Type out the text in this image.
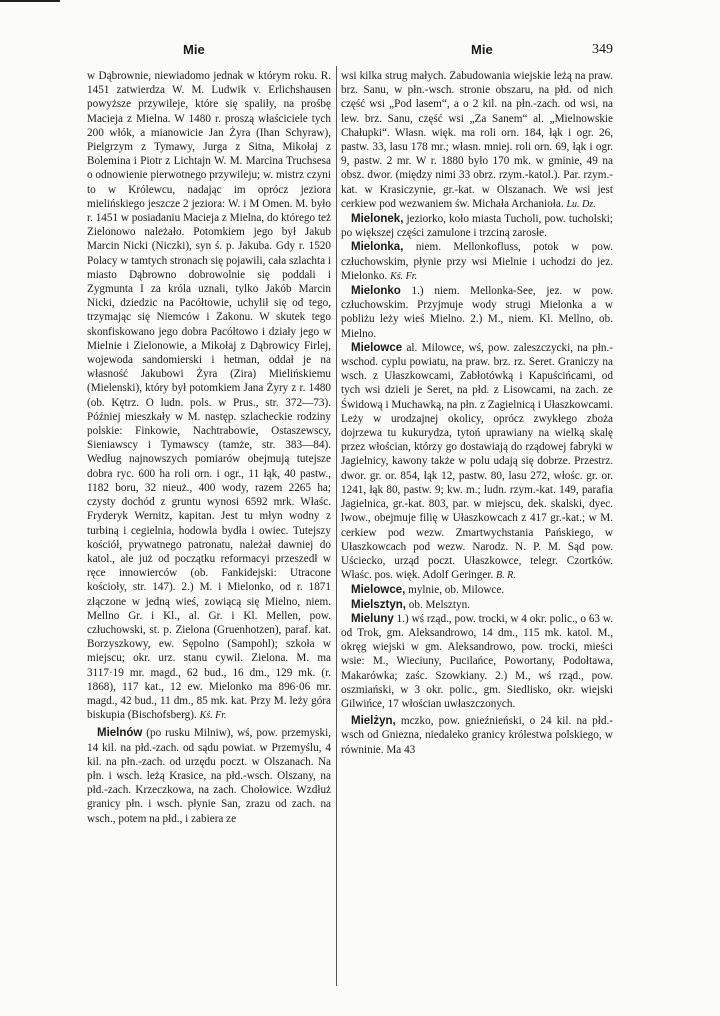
Mie	Mie	349

w Dąbrownie, niewiadomo jednak w którym roku. R. 1451 zatwierdza W. M. Ludwik v. Erlichshausen powyższe przywileje, które się spaliły, na prośbę Macieja z Mielna. W 1480 r. proszą właściciele tych 200 włók, a mianowicie Jan Żyra (Ihan Schyraw), Pielgrzym z Tymawy, Jurga z Sitna, Mikołaj z Bolemina i Piotr z Lichtajn W. M. Marcina Truchsesa o odnowienie pierwotnego przywileju; w. mistrz czyni to w Królewcu, nadając im oprócz jeziora mielińskiego jeszcze 2 jeziora: W. i M Omen. M. było r. 1451 w posiadaniu Macieja z Mielna, do którego też Zielonowo należało. Potomkiem jego był Jakub Marcin Nicki (Niczki), syn ś. p. Jakuba. Gdy r. 1520 Polacy w tamtych stronach się pojawili, cała szlachta i miasto Dąbrowno dobrowolnie się poddali i Zygmunta I za króla uznali, tylko Jakób Marcin Nicki, dziedzic na Pacółtowie, uchylił się od tego, trzymając się Niemców i Zakonu. W skutek tego skonfiskowano jego dobra Pacółtowo i działy jego w Mielnie i Zielonowie, a Mikołaj z Dąbrowicy Firlej, wojewoda sandomierski i hetman, oddał je na własność Jakubowi Żyra (Zira) Mielińskiemu (Mielenski), który był potomkiem Jana Żyry z r. 1480 (ob. Kętrz. O ludn. pols. w Prus., str. 372—73). Później mieszkały w M. następ. szlacheckie rodziny polskie: Finkowie, Nachtrabowie, Ostaszewscy, Sieniawscy i Tymawscy (tamże, str. 383—84). Według najnowszych pomiarów obejmują tutejsze dobra ryc. 600 ha roli orn. i ogr., 11 łąk, 40 pastw., 1182 boru, 32 nieuż., 400 wody, razem 2265 ha; czysty dochód z gruntu wynosi 6592 mrk. Właśc. Fryderyk Wernitz, kapitan. Jest tu młyn wodny z turbiną i cegielnia, hodowla bydła i owiec. Tutejszy kościół, prywatnego patronatu, należał dawniej do katol., ale już od początku reformacyi przeszedł w ręce innowierców (ob. Fankidejski: Utracone kościoły, str. 147). 2.) M. i Mielonko, od r. 1871 złączone w jedną wieś, zowiącą się Mielno, niem. Mellno Gr. i Kl., al. Gr. i Kl. Mellen, pow. człuchowski, st. p. Zielona (Gruenhotzen), paraf. kat. Borzyszkowy, ew. Sępolno (Sampohl); szkoła w miejscu; okr. urz. stanu cywil. Zielona. M. ma 3117·19 mr. magd., 62 bud., 16 dm., 129 mk. (r. 1868), 117 kat., 12 ew. Mielonko ma 896·06 mr. magd., 42 bud., 11 dm., 85 mk. kat. Przy M. leży góra biskupia (Bischofsberg). Kś. Fr.

Mielnów (po rusku Milniw), wś, pow. przemyski, 14 kil. na płd.-zach. od sądu powiat. w Przemyślu, 4 kil. na płn.-zach. od urzędu poczt. w Olszanach. Na płn. i wsch. leżą Krasice, na płd.-wsch. Olszany, na płd.-zach. Krzeczkowa, na zach. Chołowice. Wzdłuż granicy płn. i wsch. płynie San, zrazu od zach. na wsch., potem na płd., i zabiera ze

wsi kilka strug małych. Zabudowania wiejskie leżą na praw. brz. Sanu, w płn.-wsch. stronie obszaru, na płd. od nich część wsi „Pod lasem“, a o 2 kil. na płn.-zach. od wsi, na lew. brz. Sanu, część wsi „Za Sanem“ al. „Mielnowskie Chałupki“. Własn. więk. ma roli orn. 184, łąk i ogr. 26, pastw. 33, lasu 178 mr.; własn. mniej. roli orn. 69, łąk i ogr. 9, pastw. 2 mr. W r. 1880 było 170 mk. w gminie, 49 na obsz. dwor. (między nimi 33 obrz. rzym.-katol.). Par. rzym.-kat. w Krasiczynie, gr.-kat. w Olszanach. We wsi jest cerkiew pod wezwaniem św. Michała Archanioła. Lu. Dz.

Mielonek, jeziorko, koło miasta Tucholi, pow. tucholski; po większej części zamulone i trzciną zarosłe.

Mielonka, niem. Mellonkofluss, potok w pow. człuchowskim, płynie przy wsi Mielnie i uchodzi do jez. Mielonko. Kś. Fr.

Mielonko 1.) niem. Mellonka-See, jez. w pow. człuchowskim. Przyjmuje wody strugi Mielonka a w pobliżu leży wieś Mielno. 2.) M., niem. Kl. Mellno, ob. Mielno.

Mielowce al. Milowce, wś, pow. zaleszczycki, na płn.-wschod. cyplu powiatu, na praw. brz. rz. Seret. Graniczy na wsch. z Ułaszkowcami, Zabłotówką i Kapuścińcami, od tych wsi dzieli je Seret, na płd. z Lisowcami, na zach. ze Świdową i Muchawką, na płn. z Zagielnicą i Ułaszkowcami. Leży w urodzajnej okolicy, oprócz zwykłego zboża dojrzewa tu kukurydza, tytoń uprawiany na wielką skalę przez włościan, którzy go dostawiają do rządowej fabryki w Jagielnicy, kawony także w polu udają się dobrze. Przestrz. dwor. gr. or. 854, łąk 12, pastw. 80, lasu 272, włośc. gr. or. 1241, łąk 80, pastw. 9; kw. m.; ludn. rzym.-kat. 149, parafia Jagielnica, gr.-kat. 803, par. w miejscu, dek. skalski, dyec. lwow., obejmuje filię w Ułaszkowcach z 417 gr.-kat.; w M. cerkiew pod wezw. Zmartwychstania Pańskiego, w Ułaszkowcach pod wezw. Narodz. N. P. M. Sąd pow. Uściecko, urząd poczt. Ułaszkowce, telegr. Czortków. Właśc. pos. więk. Adolf Geringer. B. R.

Mielowce, mylnie, ob. Milowce.

Mielsztyn, ob. Melsztyn.

Mieluny 1.) wś rząd., pow. trocki, w 4 okr. polic., o 63 w. od Trok, gm. Aleksandrowo, 14 dm., 115 mk. katol. M., okręg wiejski w gm. Aleksandrowo, pow. trocki, mieści wsie: M., Wieciuny, Pucilańce, Powortany, Podołtawa, Makarówka; zaśc. Szowkiany. 2.) M., wś rząd., pow. oszmiański, w 3 okr. polic., gm. Siedlisko, okr. wiejski Gilwińce, 17 włościan uwłaszczonych.

Mielżyn, mczko, pow. gnieźnieński, o 24 kil. na płd.-wsch od Gniezna, niedaleko granicy królestwa polskiego, w równinie. Ma 43
